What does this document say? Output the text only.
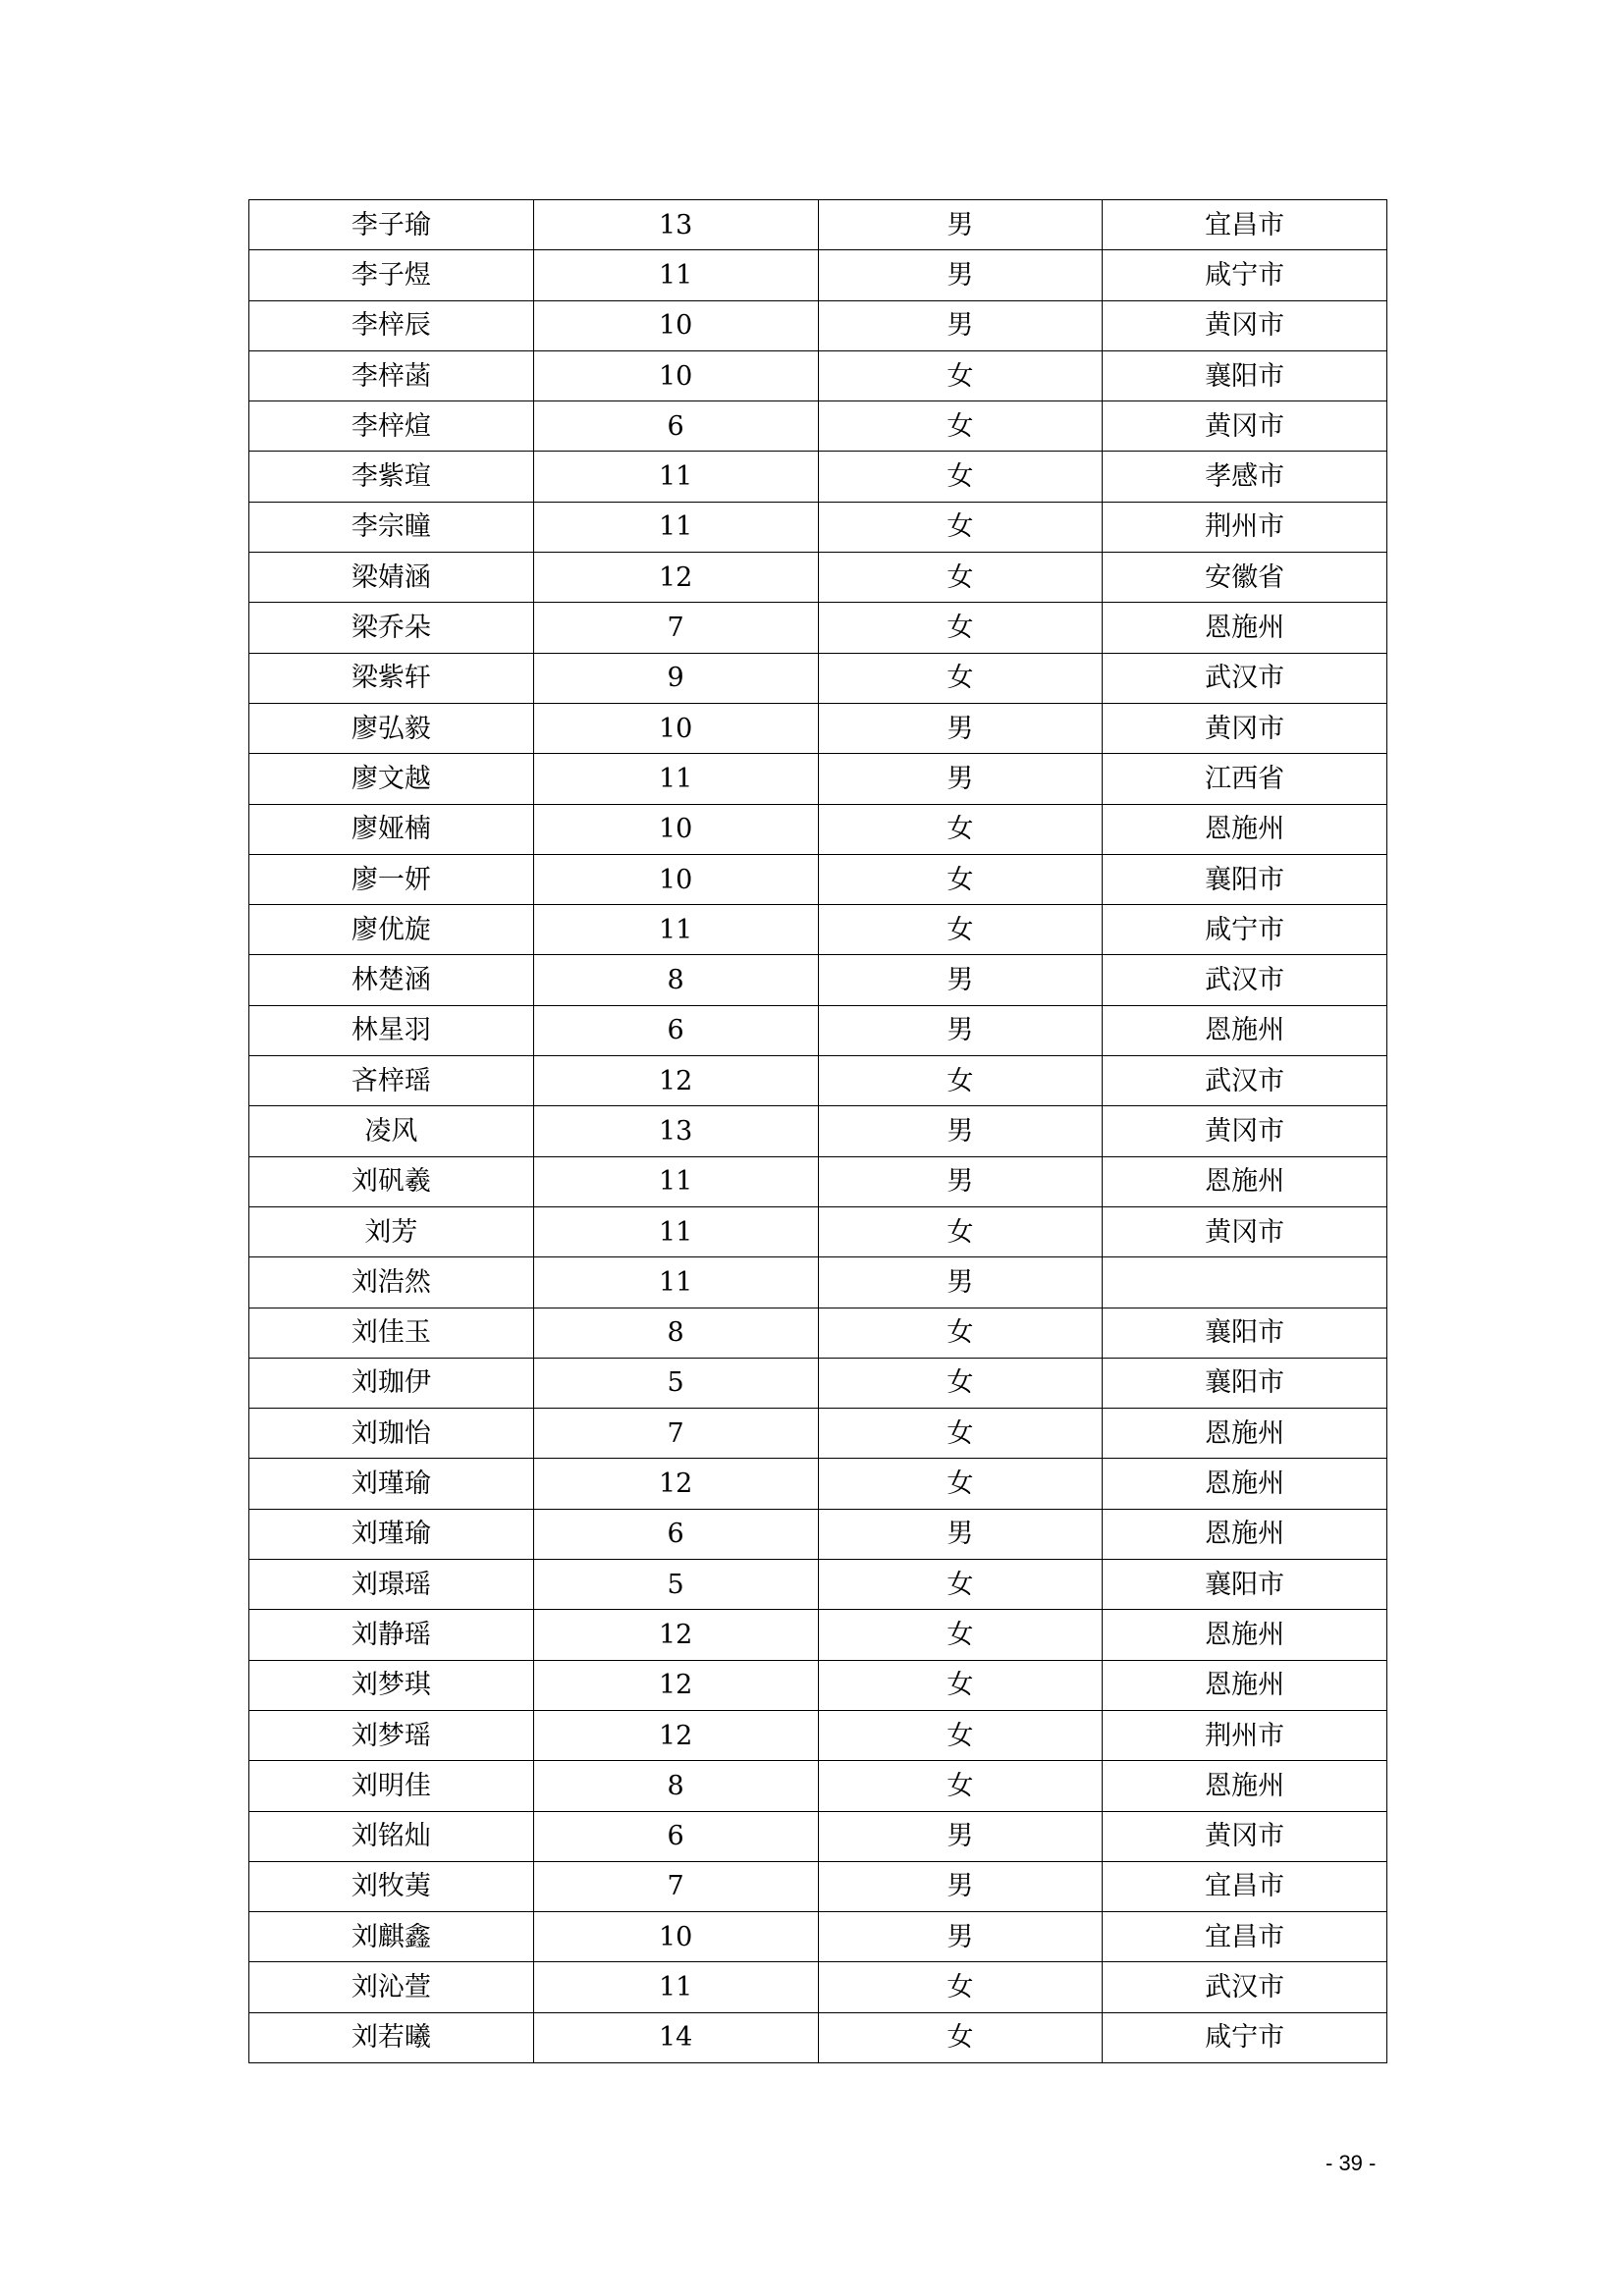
李子瑜	13	男	宜昌市
李子煜	11	男	咸宁市
李梓辰	10	男	黄冈市
李梓菡	10	女	襄阳市
李梓煊	6	女	黄冈市
李紫瑄	11	女	孝感市
李宗瞳	11	女	荆州市
梁婧涵	12	女	安徽省
梁乔朵	7	女	恩施州
梁紫轩	9	女	武汉市
廖弘毅	10	男	黄冈市
廖文越	11	男	江西省
廖娅楠	10	女	恩施州
廖一妍	10	女	襄阳市
廖优旋	11	女	咸宁市
林楚涵	8	男	武汉市
林星羽	6	男	恩施州
吝梓瑶	12	女	武汉市
凌风	13	男	黄冈市
刘矾羲	11	男	恩施州
刘芳	11	女	黄冈市
刘浩然	11	男	
刘佳玉	8	女	襄阳市
刘珈伊	5	女	襄阳市
刘珈怡	7	女	恩施州
刘瑾瑜	12	女	恩施州
刘瑾瑜	6	男	恩施州
刘璟瑶	5	女	襄阳市
刘静瑶	12	女	恩施州
刘梦琪	12	女	恩施州
刘梦瑶	12	女	荆州市
刘明佳	8	女	恩施州
刘铭灿	6	男	黄冈市
刘牧荑	7	男	宜昌市
刘麒鑫	10	男	宜昌市
刘沁萱	11	女	武汉市
刘若曦	14	女	咸宁市
- 39 -
